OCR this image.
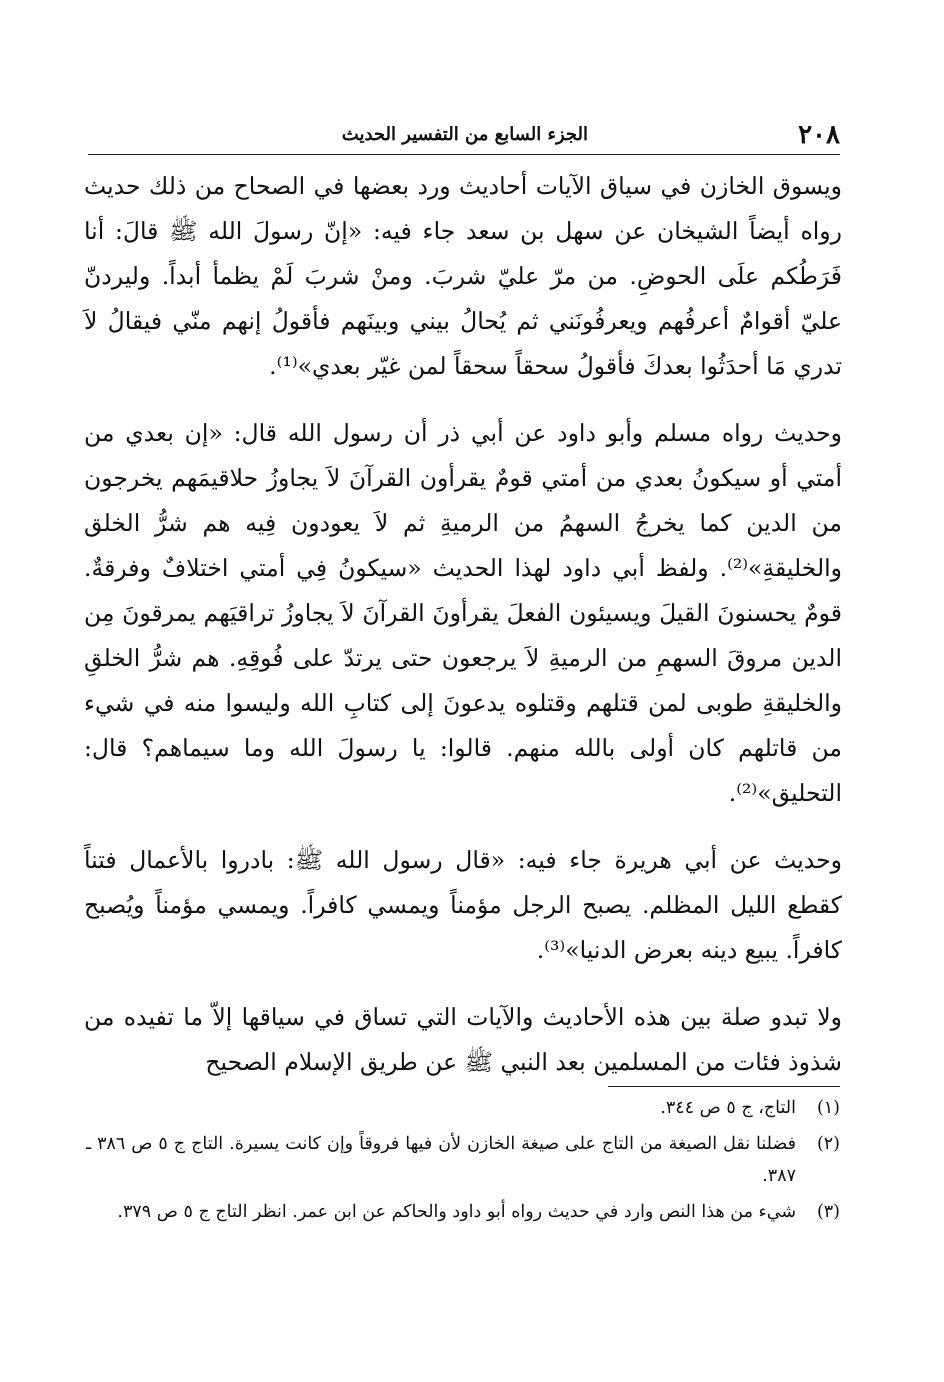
٢٠٨
الجزء السابع من التفسير الحديث

ويسوق الخازن في سياق الآيات أحاديث ورد بعضها في الصحاح من ذلك حديث رواه أيضاً الشيخان عن سهل بن سعد جاء فيه: «إنّ رسولَ الله ﷺ قالَ: أنا فَرَطُكم علَى الحوضِ. من مرّ عليّ شربَ. ومنْ شربَ لَمْ يظمأ أبداً. وليردنّ عليّ أقوامٌ أعرفُهم ويعرفُونَني ثم يُحالُ بيني وبينَهم فأقولُ إنهم منّي فيقالُ لاَ تدري مَا أحدَثُوا بعدكَ فأقولُ سحقاً سحقاً لمن غيّر بعدي»⁽¹⁾.

وحديث رواه مسلم وأبو داود عن أبي ذر أن رسول الله قال: «إن بعدي من أمتي أو سيكونُ بعدي من أمتي قومٌ يقرأون القرآنَ لاَ يجاوزُ حلاقيمَهم يخرجون من الدين كما يخرجُ السهمُ من الرميةِ ثم لاَ يعودون فِيه هم شرُّ الخلق والخليقةِ»⁽²⁾. ولفظ أبي داود لهذا الحديث «سيكونُ فِي أمتي اختلافٌ وفرقةٌ. قومٌ يحسنونَ القيلَ ويسيئون الفعلَ يقرأونَ القرآنَ لاَ يجاوزُ تراقيَهم يمرقونَ مِن الدين مروقَ السهمِ من الرميةِ لاَ يرجعون حتى يرتدّ على فُوقِهِ. هم شرُّ الخلقِ والخليقةِ طوبى لمن قتلهم وقتلوه يدعونَ إلى كتابِ الله وليسوا منه في شيء من قاتلهم كان أولى بالله منهم. قالوا: يا رسولَ الله وما سيماهم؟ قال: التحليق»⁽²⁾.

وحديث عن أبي هريرة جاء فيه: «قال رسول الله ﷺ: بادروا بالأعمال فتناً كقطع الليل المظلم. يصبح الرجل مؤمناً ويمسي كافراً. ويمسي مؤمناً ويُصبح كافراً. يبيع دينه بعرض الدنيا»⁽³⁾.

ولا تبدو صلة بين هذه الأحاديث والآيات التي تساق في سياقها إلاّ ما تفيده من شذوذ فئات من المسلمين بعد النبي ﷺ عن طريق الإسلام الصحيح

(١)
التاج، ج ٥ ص ٣٤٤.
(٢)
فضلنا نقل الصيغة من التاج على صيغة الخازن لأن فيها فروقاً وإن كانت يسيرة. التاج ج ٥ ص ٣٨٦ ـ ٣٨٧.
(٣)
شيء من هذا النص وارد في حديث رواه أبو داود والحاكم عن ابن عمر. انظر التاج ج ٥ ص ٣٧٩.
